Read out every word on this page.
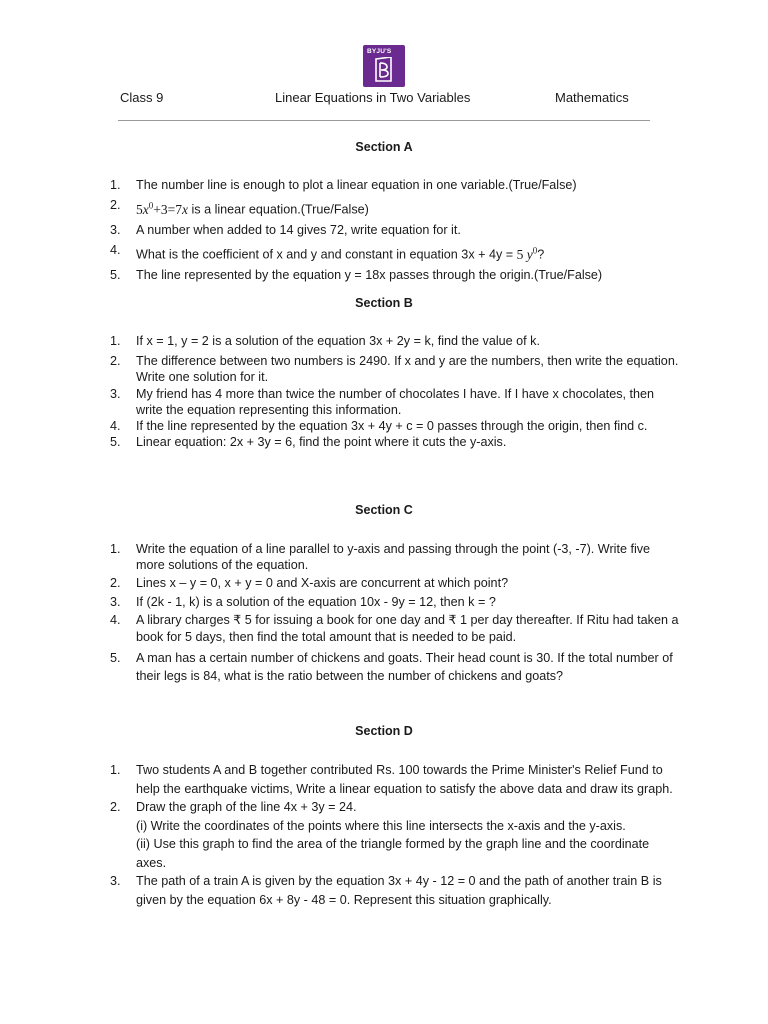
BYJU'S
Class 9	Linear Equations in Two Variables	Mathematics
Section A
1. The number line is enough to plot a linear equation in one variable.(True/False)
2. $5x^0+3=7x$ is a linear equation.(True/False)
3. A number when added to 14 gives 72, write equation for it.
4. What is the coefficient of x and y and constant in equation 3x + 4y = 5 $y^0$?
5. The line represented by the equation y = 18x passes through the origin.(True/False)
Section B
1. If x = 1, y = 2 is a solution of the equation 3x + 2y = k, find the value of k.
2. The difference between two numbers is 2490. If x and y are the numbers, then write the equation. Write one solution for it.
3. My friend has 4 more than twice the number of chocolates I have. If I have x chocolates, then write the equation representing this information.
4. If the line represented by the equation 3x + 4y + c = 0 passes through the origin, then find c.
5. Linear equation: 2x + 3y = 6, find the point where it cuts the y-axis.
Section C
1. Write the equation of a line parallel to y-axis and passing through the point (-3, -7). Write five more solutions of the equation.
2. Lines x – y = 0, x + y = 0 and X-axis are concurrent at which point?
3. If (2k - 1, k) is a solution of the equation 10x - 9y = 12, then k = ?
4. A library charges ₹ 5 for issuing a book for one day and ₹ 1 per day thereafter. If Ritu had taken a book for 5 days, then find the total amount that is needed to be paid.
5. A man has a certain number of chickens and goats. Their head count is 30. If the total number of their legs is 84, what is the ratio between the number of chickens and goats?
Section D
1. Two students A and B together contributed Rs. 100 towards the Prime Minister's Relief Fund to help the earthquake victims, Write a linear equation to satisfy the above data and draw its graph.
2. Draw the graph of the line 4x + 3y = 24.
(i) Write the coordinates of the points where this line intersects the x-axis and the y-axis.
(ii) Use this graph to find the area of the triangle formed by the graph line and the coordinate axes.
3. The path of a train A is given by the equation 3x + 4y - 12 = 0 and the path of another train B is given by the equation 6x + 8y - 48 = 0. Represent this situation graphically.
